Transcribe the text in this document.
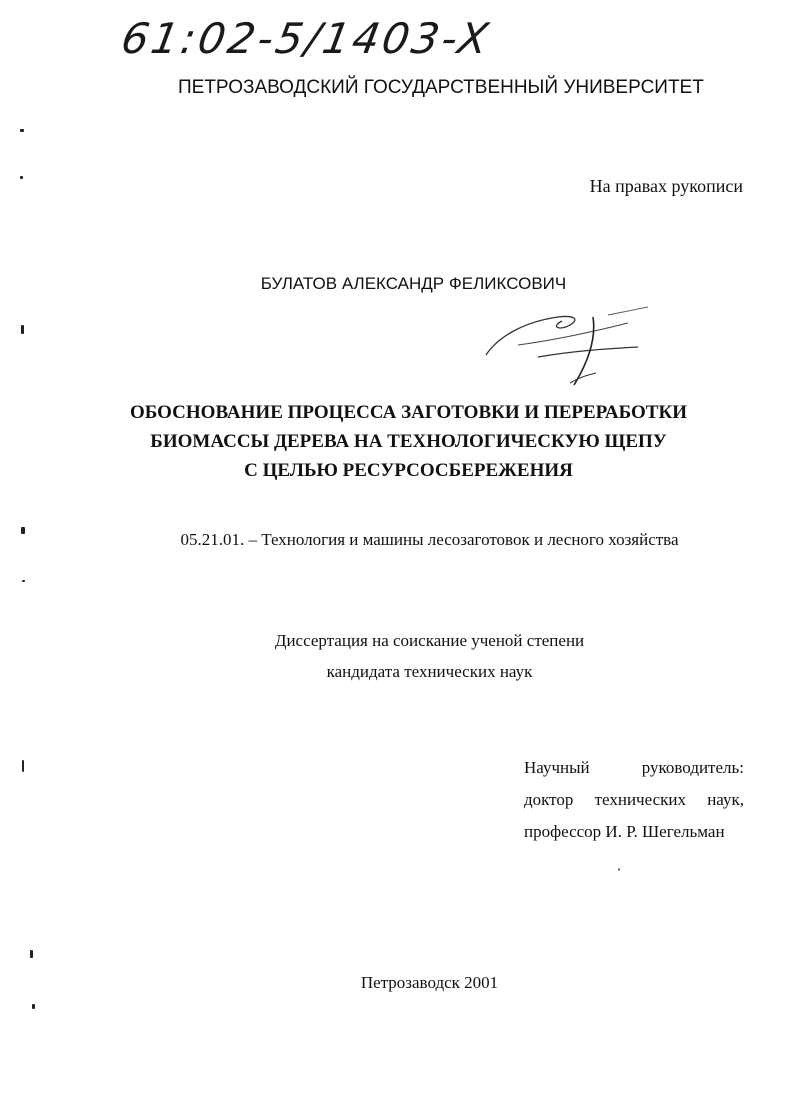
61:02-5/1403-X
ПЕТРОЗАВОДСКИЙ ГОСУДАРСТВЕННЫЙ УНИВЕРСИТЕТ
На правах рукописи
БУЛАТОВ АЛЕКСАНДР ФЕЛИКСОВИЧ
ОБОСНОВАНИЕ ПРОЦЕССА ЗАГОТОВКИ И ПЕРЕРАБОТКИ
БИОМАССЫ ДЕРЕВА НА ТЕХНОЛОГИЧЕСКУЮ ЩЕПУ
С ЦЕЛЬЮ РЕСУРСОСБЕРЕЖЕНИЯ
05.21.01. – Технология и машины лесозаготовок и лесного хозяйства
Диссертация на соискание ученой степени
кандидата технических наук
Научный руководитель:
доктор технических наук,
профессор И. Р. Шегельман
Петрозаводск 2001
